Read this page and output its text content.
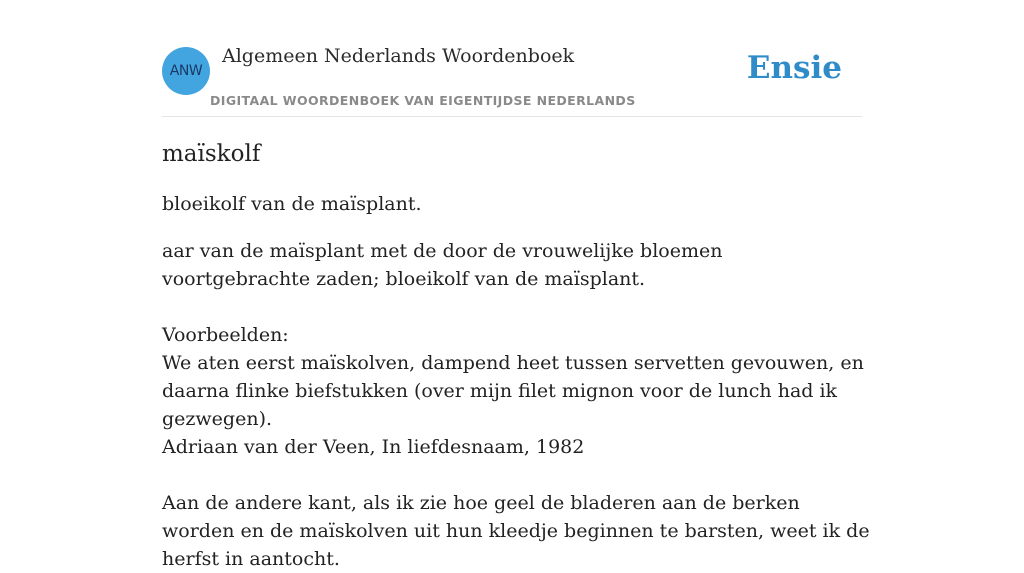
ANW
Algemeen Nederlands Woordenboek
DIGITAAL WOORDENBOEK VAN EIGENTIJDSE NEDERLANDS
Ensie
maïskolf

bloeikolf van de maïsplant.

aar van de maïsplant met de door de vrouwelijke bloemen voortgebrachte zaden; bloeikolf van de maïsplant.

Voorbeelden:

We aten eerst maïskolven, dampend heet tussen servetten gevouwen, en daarna flinke biefstukken (over mijn filet mignon voor de lunch had ik gezwegen).

Adriaan van der Veen, In liefdesnaam, 1982

Aan de andere kant, als ik zie hoe geel de bladeren aan de berken worden en de maïskolven uit hun kleedje beginnen te barsten, weet ik de herfst in aantocht.
